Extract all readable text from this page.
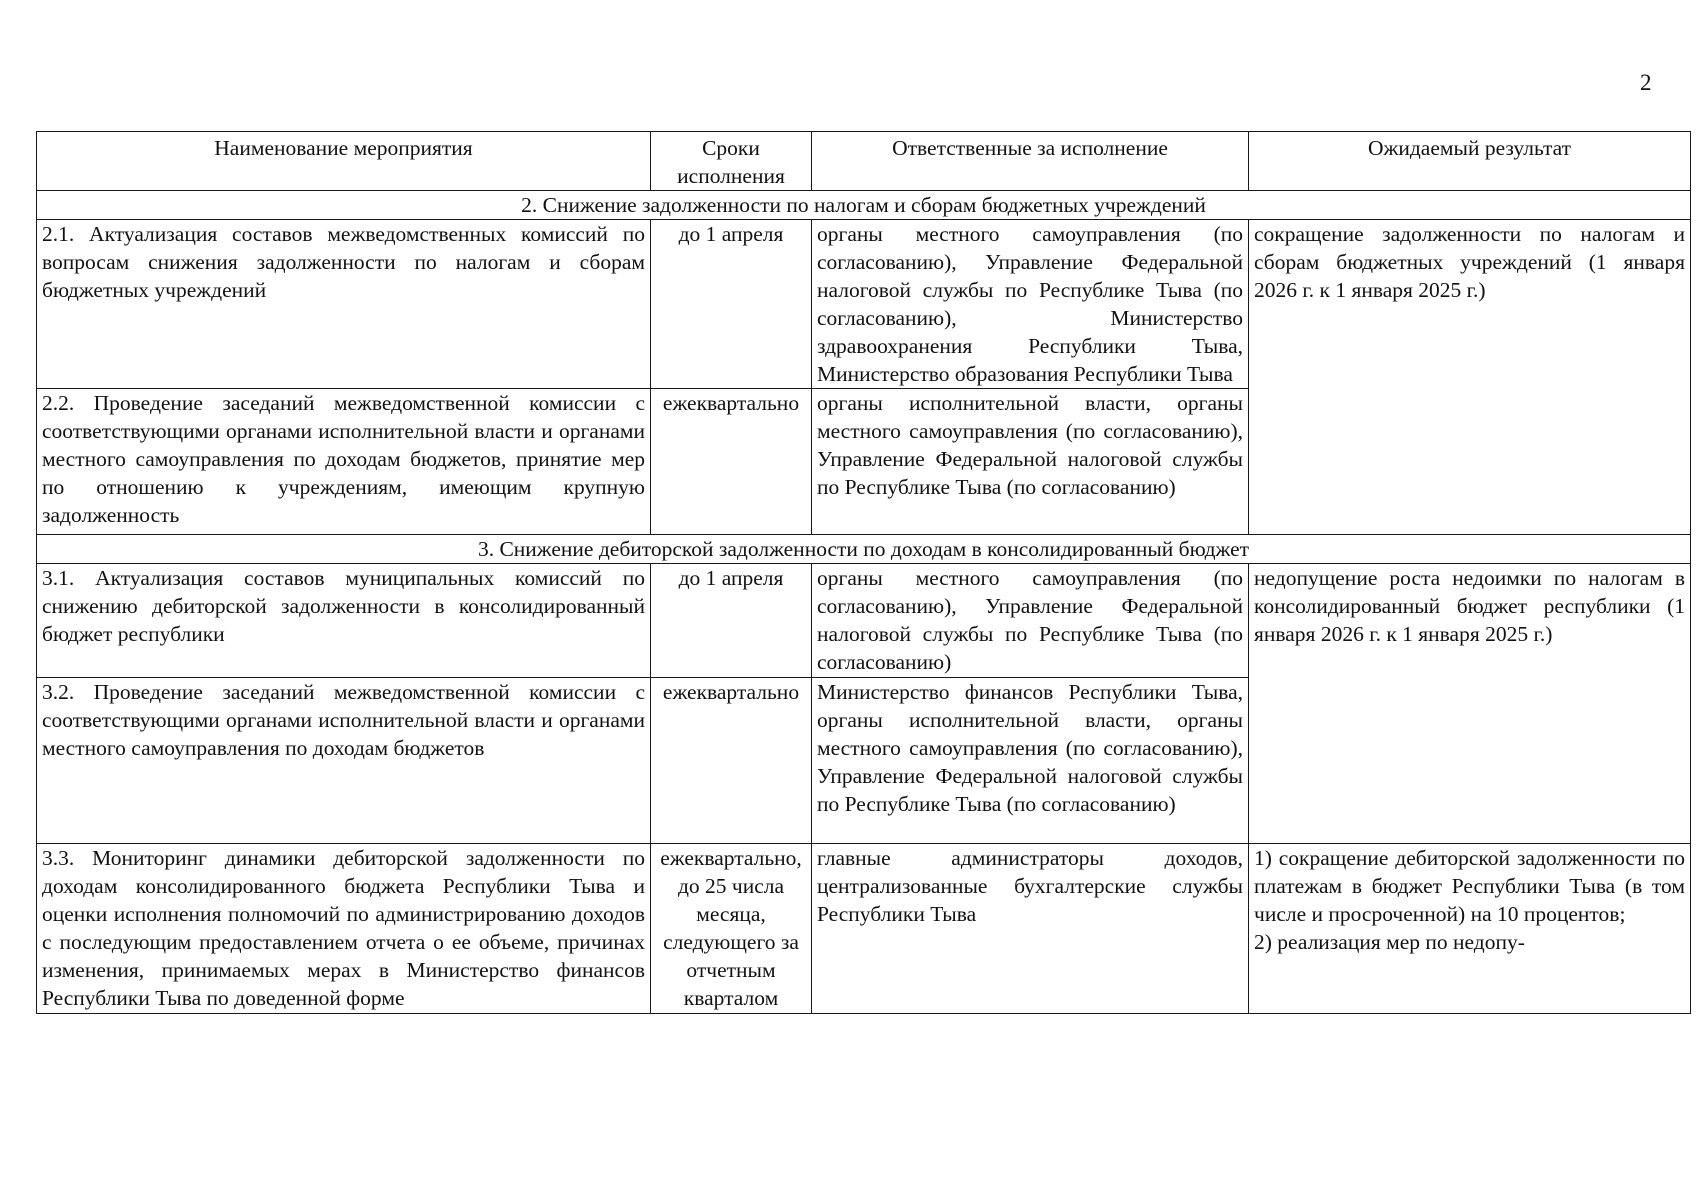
2
Наименование мероприятия	Сроки исполнения	Ответственные за исполнение	Ожидаемый результат
2. Снижение задолженности по налогам и сборам бюджетных учреждений			
2.1. Актуализация составов межведомственных комиссий по вопросам снижения задолженности по налогам и сборам бюджетных учреждений	до 1 апреля	органы местного самоуправления (по согласованию), Управление Федеральной налоговой службы по Республике Тыва (по согласованию), Министерство здравоохранения Республики Тыва, Министерство образования Республики Тыва	сокращение задолженности по налогам и сборам бюджетных учреждений (1 января 2026 г. к 1 января 2025 г.)
2.2. Проведение заседаний межведомственной комиссии с соответствующими органами исполнительной власти и органами местного самоуправления по доходам бюджетов, принятие мер по отношению к учреждениям, имеющим крупную задолженность	ежеквартально	органы исполнительной власти, органы местного самоуправления (по согласованию), Управление Федеральной налоговой службы по Республике Тыва (по согласованию)	
3. Снижение дебиторской задолженности по доходам в консолидированный бюджет			
3.1. Актуализация составов муниципальных комиссий по снижению дебиторской задолженности в консолидированный бюджет республики	до 1 апреля	органы местного самоуправления (по согласованию), Управление Федеральной налоговой службы по Республике Тыва (по согласованию)	недопущение роста недоимки по налогам в консолидированный бюджет республики (1 января 2026 г. к 1 января 2025 г.)
3.2. Проведение заседаний межведомственной комиссии с соответствующими органами исполнительной власти и органами местного самоуправления по доходам бюджетов	ежеквартально	Министерство финансов Республики Тыва, органы исполнительной власти, органы местного самоуправления (по согласованию), Управление Федеральной налоговой службы по Республике Тыва (по согласованию)	
3.3. Мониторинг динамики дебиторской задолженности по доходам консолидированного бюджета Республики Тыва и оценки исполнения полномочий по администрированию доходов с последующим предоставлением отчета о ее объеме, причинах изменения, принимаемых мерах в Министерство финансов Республики Тыва по доведенной форме	ежеквартально, до 25 числа месяца, следующего за отчетным кварталом	главные администраторы доходов, централизованные бухгалтерские службы Республики Тыва	1) сокращение дебиторской задолженности по платежам в бюджет Республики Тыва (в том числе и просроченной) на 10 процентов;
2) реализация мер по недопу-
